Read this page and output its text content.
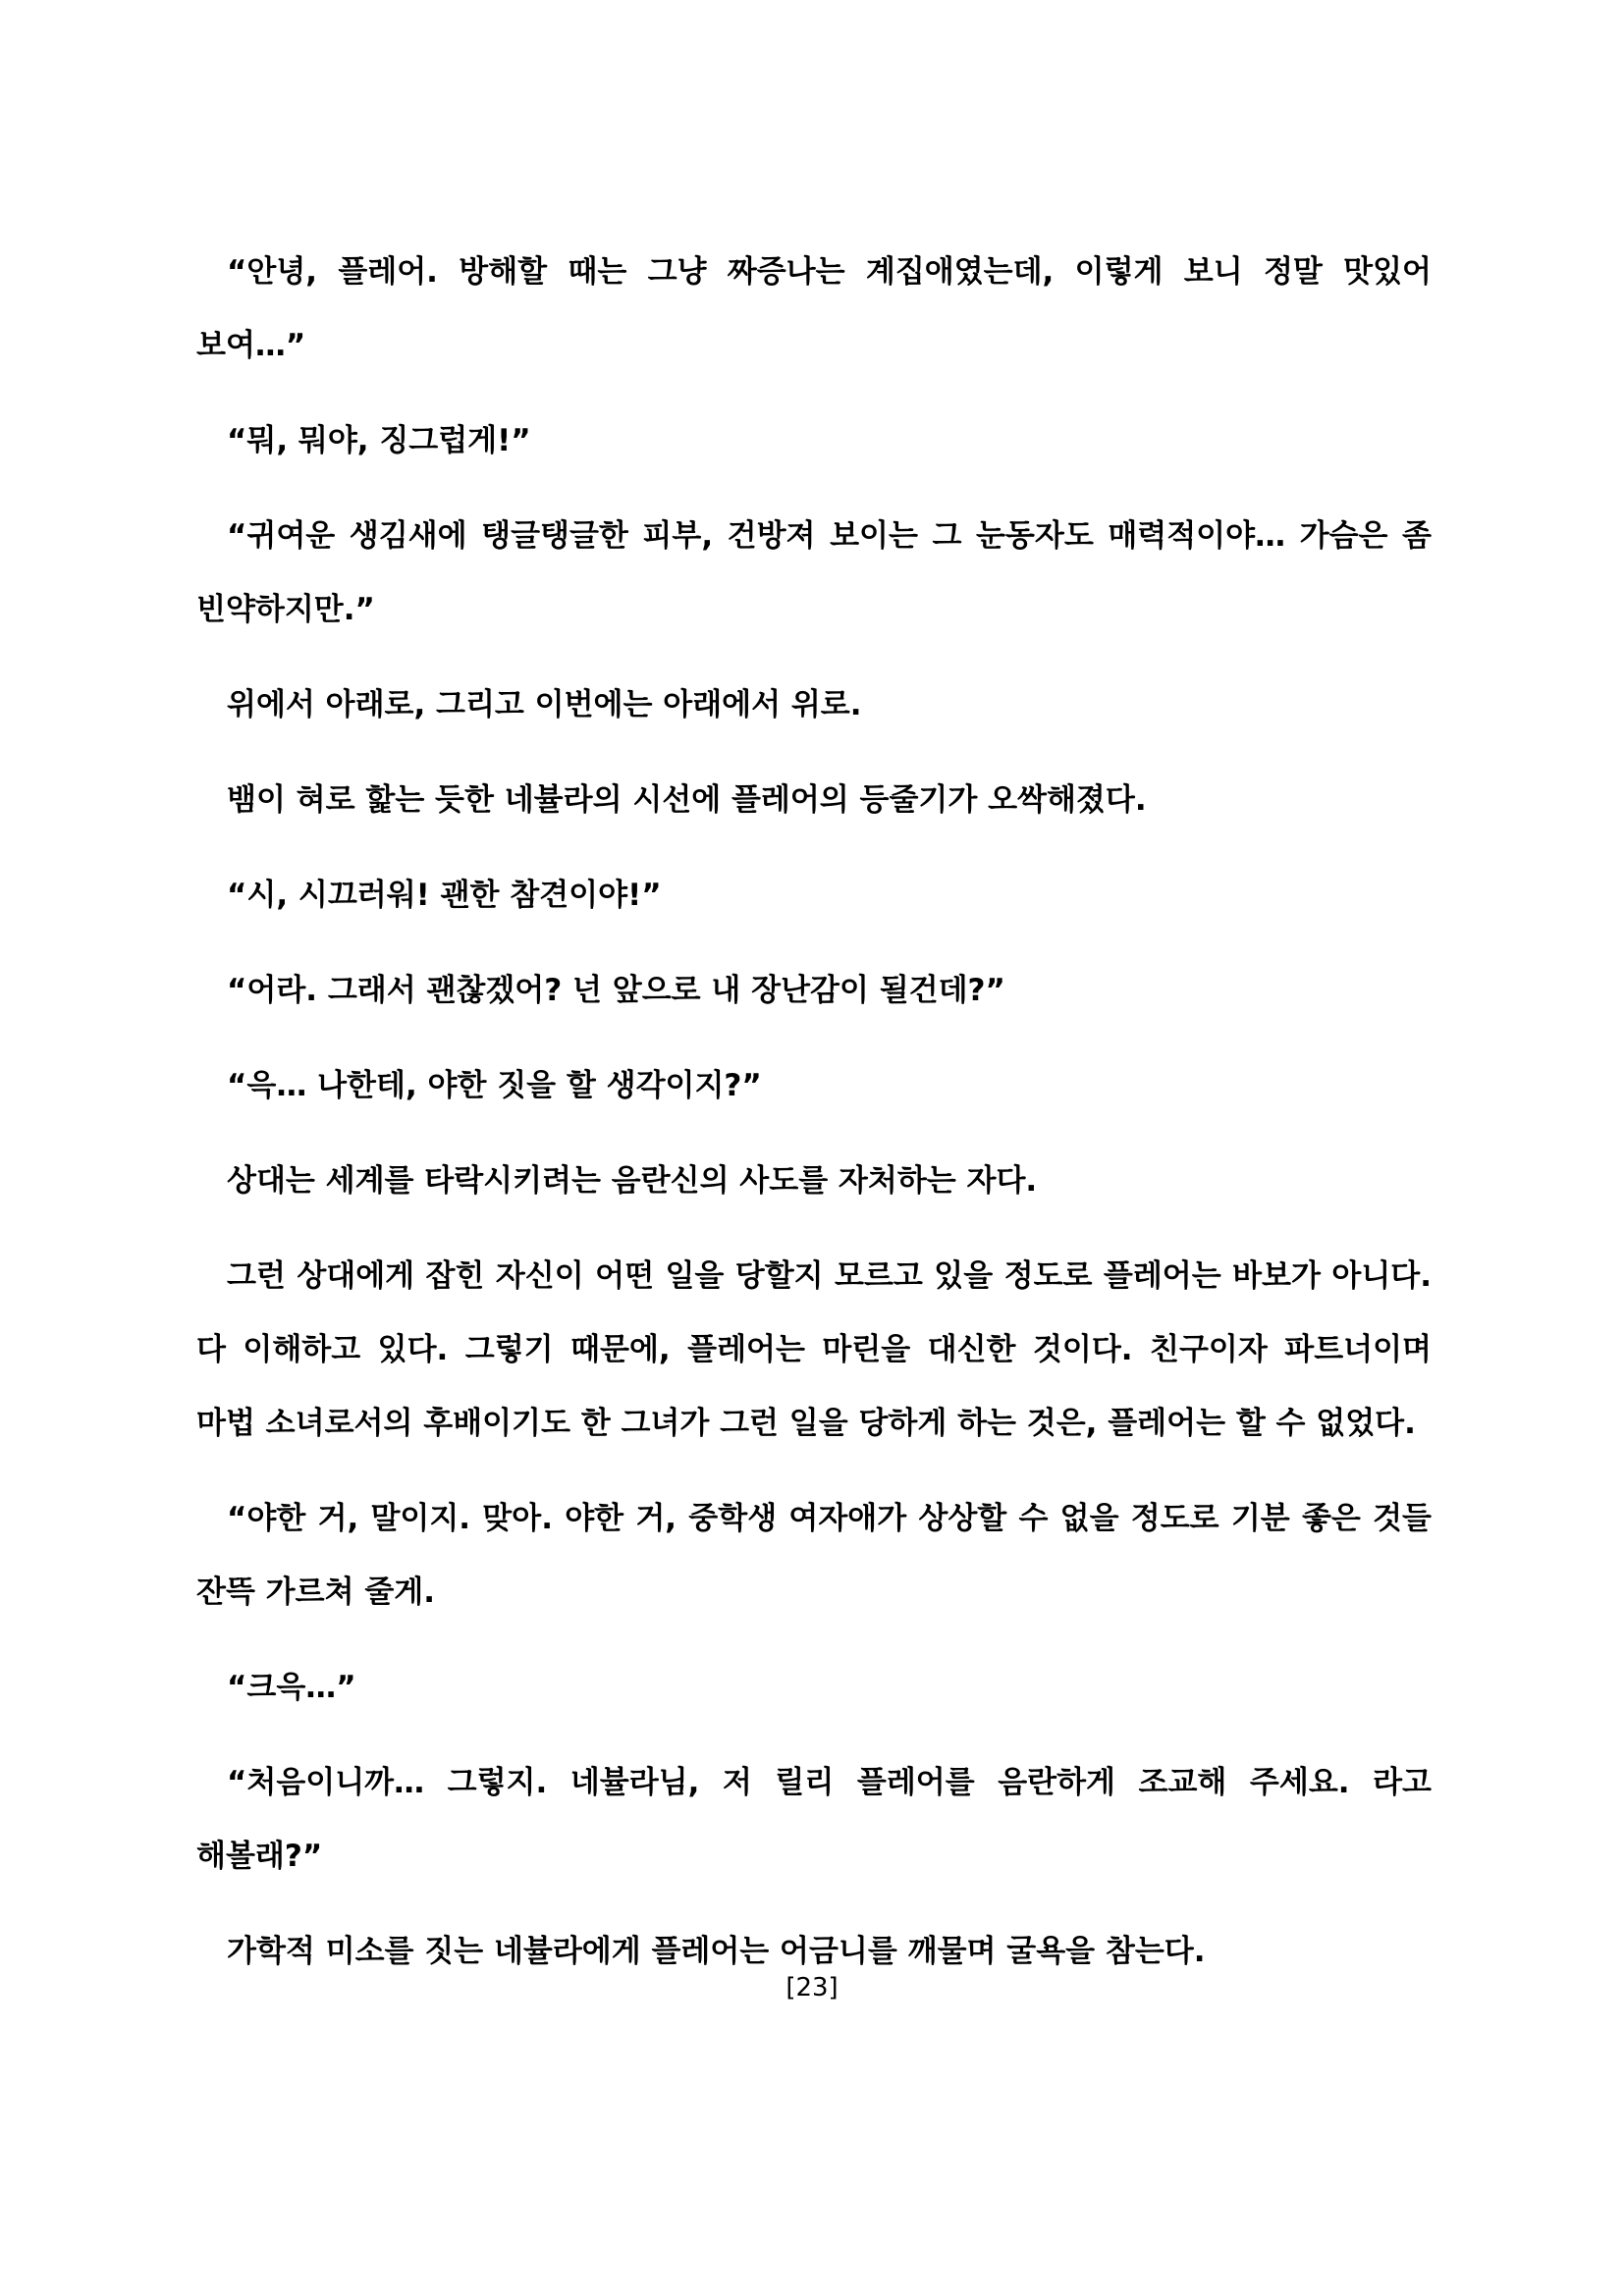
“안녕, 플레어. 방해할 때는 그냥 짜증나는 계집애였는데, 이렇게 보니 정말 맛있어 보여…”

“뭐, 뭐야, 징그럽게!”

“귀여운 생김새에 탱글탱글한 피부, 건방져 보이는 그 눈동자도 매력적이야… 가슴은 좀 빈약하지만.”

위에서 아래로, 그리고 이번에는 아래에서 위로.

뱀이 혀로 핥는 듯한 네뷸라의 시선에 플레어의 등줄기가 오싹해졌다.

“시, 시끄러워! 괜한 참견이야!”

“어라. 그래서 괜찮겠어? 넌 앞으로 내 장난감이 될건데?”

“윽… 나한테, 야한 짓을 할 생각이지?”

상대는 세계를 타락시키려는 음란신의 사도를 자처하는 자다.

그런 상대에게 잡힌 자신이 어떤 일을 당할지 모르고 있을 정도로 플레어는 바보가 아니다. 다 이해하고 있다. 그렇기 때문에, 플레어는 마린을 대신한 것이다. 친구이자 파트너이며 마법 소녀로서의 후배이기도 한 그녀가 그런 일을 당하게 하는 것은, 플레어는 할 수 없었다.

“야한 거, 말이지. 맞아. 야한 거, 중학생 여자애가 상상할 수 없을 정도로 기분 좋은 것들 잔뜩 가르쳐 줄게.

“크윽…”

“처음이니까… 그렇지. 네뷸라님, 저 릴리 플레어를 음란하게 조교해 주세요. 라고 해볼래?”

가학적 미소를 짓는 네뷸라에게 플레어는 어금니를 깨물며 굴욕을 참는다.

[23]
